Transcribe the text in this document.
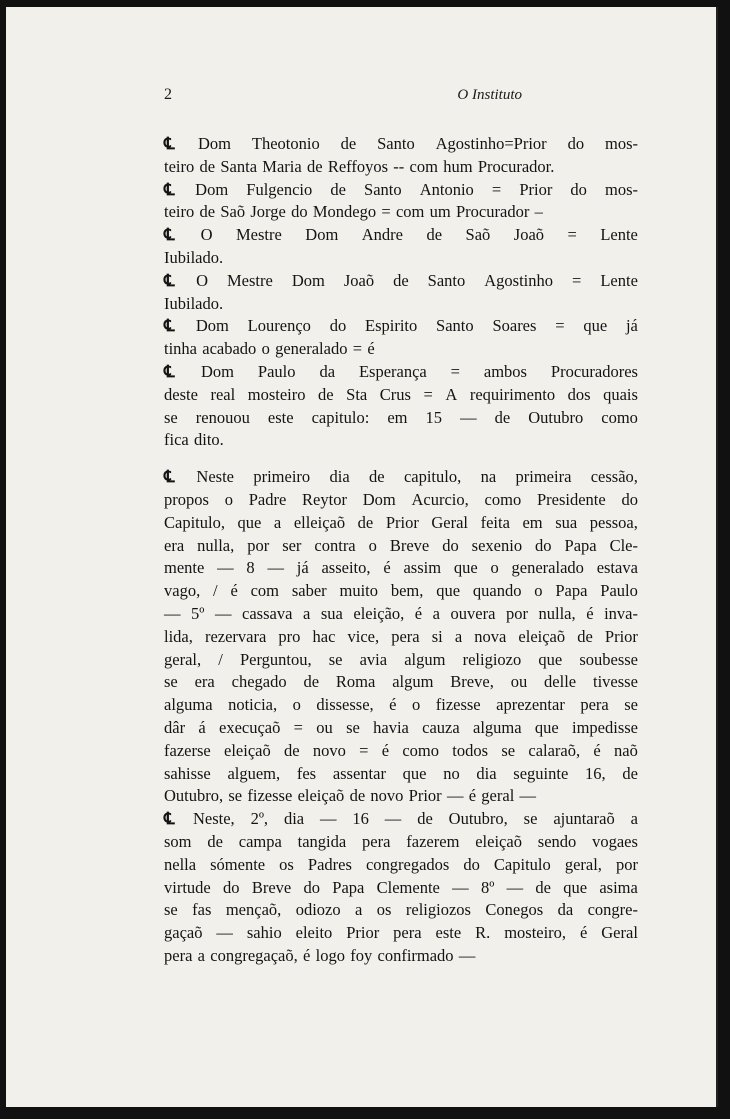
2	O Instituto
℄ Dom Theotonio de Santo Agostinho=Prior do mos-
teiro de Santa Maria de Reffoyos -- com hum Procurador.
℄ Dom Fulgencio de Santo Antonio = Prior do mos-
teiro de Saõ Jorge do Mondego = com um Procurador –
℄ O Mestre Dom Andre de Saõ Joaõ = Lente
Iubilado.
℄ O Mestre Dom Joaõ de Santo Agostinho = Lente
Iubilado.
℄ Dom Lourenço do Espirito Santo Soares = que já
tinha acabado o generalado = é
℄ Dom Paulo da Esperança = ambos Procuradores
deste real mosteiro de Sta Crus = A requirimento dos quais
se renouou este capitulo: em 15 — de Outubro como
fica dito.
℄ Neste primeiro dia de capitulo, na primeira cessão,
propos o Padre Reytor Dom Acurcio, como Presidente do
Capitulo, que a elleiçaõ de Prior Geral feita em sua pessoa,
era nulla, por ser contra o Breve do sexenio do Papa Cle-
mente — 8 — já asseito, é assim que o generalado estava
vago, / é com saber muito bem, que quando o Papa Paulo
— 5º — cassava a sua eleição, é a ouvera por nulla, é inva-
lida, rezervara pro hac vice, pera si a nova eleiçaõ de Prior
geral, / Perguntou, se avia algum religiozo que soubesse
se era chegado de Roma algum Breve, ou delle tivesse
alguma noticia, o dissesse, é o fizesse aprezentar pera se
dâr á execuçaõ = ou se havia cauza alguma que impedisse
fazerse eleiçaõ de novo = é como todos se calaraõ, é naõ
sahisse alguem, fes assentar que no dia seguinte 16, de
Outubro, se fizesse eleiçaõ de novo Prior — é geral —
℄ Neste, 2º, dia — 16 — de Outubro, se ajuntaraõ a
som de campa tangida pera fazerem eleiçaõ sendo vogaes
nella sómente os Padres congregados do Capitulo geral, por
virtude do Breve do Papa Clemente — 8º — de que asima
se fas mençaõ, odiozo a os religiozos Conegos da congre-
gaçaõ — sahio eleito Prior pera este R. mosteiro, é Geral
pera a congregaçaõ, é logo foy confirmado —
